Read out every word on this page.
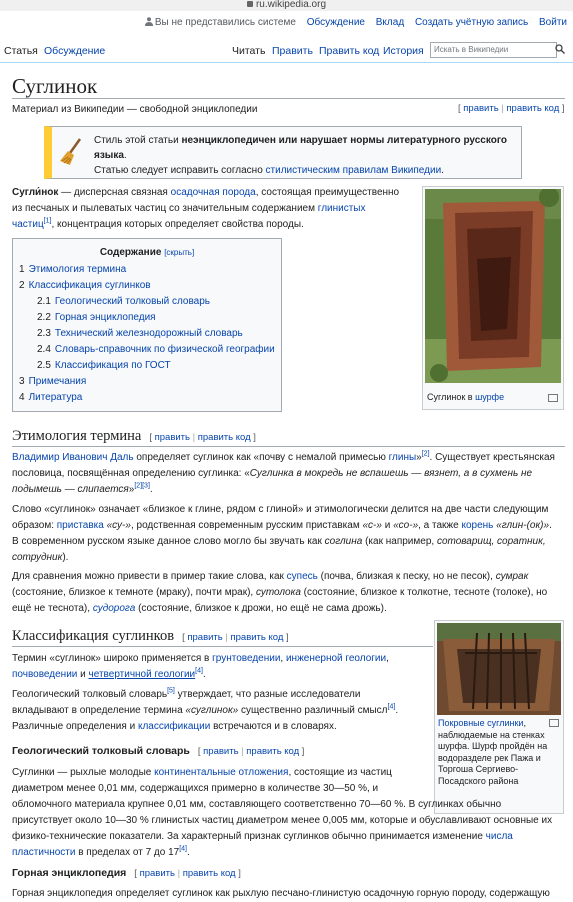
ru.wikipedia.org
Вы не представились системе Обсуждение Вклад Создать учётную запись Войти
Статья Обсуждение	Читать Править Править код История	Искать в Википедии
Суглинок
Материал из Википедии — свободной энциклопедии	[ править | править код ]
Стиль этой статьи неэнциклопедичен или нарушает нормы литературного русского языка.
Статью следует исправить согласно стилистическим правилам Википедии.
Сугли́нок — дисперсная связная осадочная порода, состоящая преимущественно
из песчаных и пылеватых частиц со значительным содержанием глинистых
частиц[1], концентрация которых определяет свойства породы.
Суглинок в шурфе
Содержание [скрыть]
1 Этимология термина
2 Классификация суглинков
2.1 Геологический толковый словарь
2.2 Горная энциклопедия
2.3 Технический железнодорожный словарь
2.4 Словарь-справочник по физической географии
2.5 Классификация по ГОСТ
3 Примечания
4 Литература
Этимология термина [ править | править код ]
Владимир Иванович Даль определяет суглинок как «почву с немалой примесью глины»[2]. Существует крестьянская
пословица, посвящённая определению суглинка: «Суглинка в мокредь не вспашешь — вязнет, а в сухмень не
подымешь — слипается»[2][3].
Слово «суглинок» означает «близкое к глине, рядом с глиной» и этимологически делится на две части следующим
образом: приставка «су-», родственная современным русским приставкам «с-» и «со-», а также корень «глин-(ок)».
В современном русском языке данное слово могло бы звучать как соглина (как например, сотоварищ, соратник,
сотрудник).
Для сравнения можно привести в пример такие слова, как супесь (почва, близкая к песку, но не песок), сумрак
(состояние, близкое к темноте (мраку), почти мрак), сутолока (состояние, близкое к толкотне, тесноте (толоке), но
ещё не теснота), судорога (состояние, близкое к дрожи, но ещё не сама дрожь).
Классификация суглинков [ править | править код ]
Термин «суглинок» широко применяется в грунтоведении, инженерной геологии,
почвоведении и четвертичной геологии[4].
Геологический толковый словарь[5] утверждает, что разные исследователи
вкладывают в определение термина «суглинок» существенно различный смысл[4].
Различные определения и классификации встречаются и в словарях.	Покровные суглинки,
наблюдаемые на стенках
шурфа. Шурф пройдён на
водоразделе рек Пажа и
Торгоша Сергиево-
Посадского района
Геологический толковый словарь [ править | править код ]
Суглинки — рыхлые молодые континентальные отложения, состоящие из частиц
диаметром менее 0,01 мм, содержащихся примерно в количестве 30—50 %, и
обломочного материала крупнее 0,01 мм, составляющего соответственно 70—60 %. В суглинках обычно
присутствует около 10—30 % глинистых частиц диаметром менее 0,005 мм, которые и обуславливают основные их
физико-технические показатели. За характерный признак суглинков обычно принимается изменение числа
пластичности в пределах от 7 до 17[4].
Горная энциклопедия [ править | править код ]
Горная энциклопедия определяет суглинок как рыхлую песчано-глинистую осадочную горную породу, содержащую
